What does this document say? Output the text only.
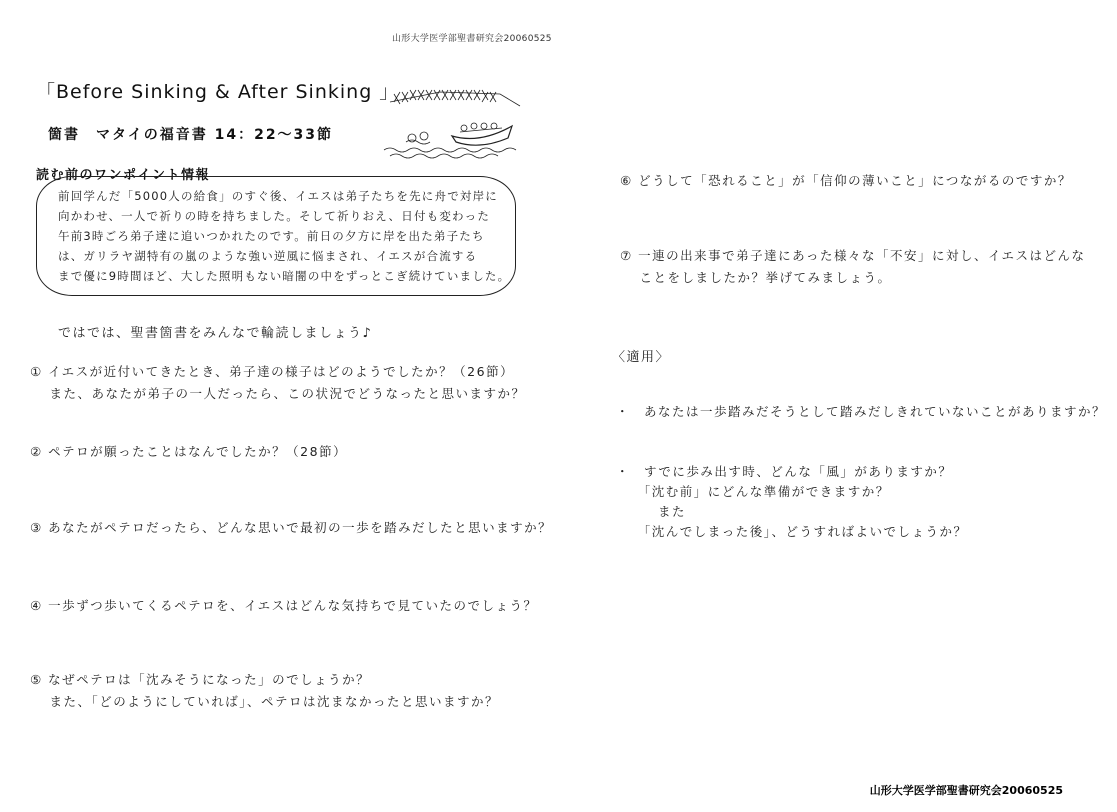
山形大学医学部聖書研究会20060525
「Before Sinking & After Sinking 」
箇書　マタイの福音書 14：22～33節
読む前のワンポイント情報
前回学んだ「5000人の給食」のすぐ後、イエスは弟子たちを先に舟で対岸に
向かわせ、一人で祈りの時を持ちました。そして祈りおえ、日付も変わった
午前3時ごろ弟子達に追いつかれたのです。前日の夕方に岸を出た弟子たち
は、ガリラヤ湖特有の嵐のような強い逆風に悩まされ、イエスが合流する
まで優に9時間ほど、大した照明もない暗闇の中をずっとこぎ続けていました。
ではでは、聖書箇書をみんなで輪読しましょう♪
① イエスが近付いてきたとき、弟子達の様子はどのようでしたか？（26節）
　 また、あなたが弟子の一人だったら、この状況でどうなったと思いますか？
② ペテロが願ったことはなんでしたか？（28節）
③ あなたがペテロだったら、どんな思いで最初の一歩を踏みだしたと思いますか？
④ 一歩ずつ歩いてくるペテロを、イエスはどんな気持ちで見ていたのでしょう？
⑤ なぜペテロは「沈みそうになった」のでしょうか？
　 また、「どのようにしていれば」、ペテロは沈まなかったと思いますか？
⑥ どうして「恐れること」が「信仰の薄いこと」につながるのですか？
⑦ 一連の出来事で弟子達にあった様々な「不安」に対し、イエスはどんな
　 ことをしましたか？挙げてみましょう。
〈適用〉
・　あなたは一歩踏みだそうとして踏みだしきれていないことがありますか？
・　すでに歩み出す時、どんな「風」がありますか？
　　「沈む前」にどんな準備ができますか？
　　　また
　　「沈んでしまった後」、どうすればよいでしょうか？
山形大学医学部聖書研究会20060525
